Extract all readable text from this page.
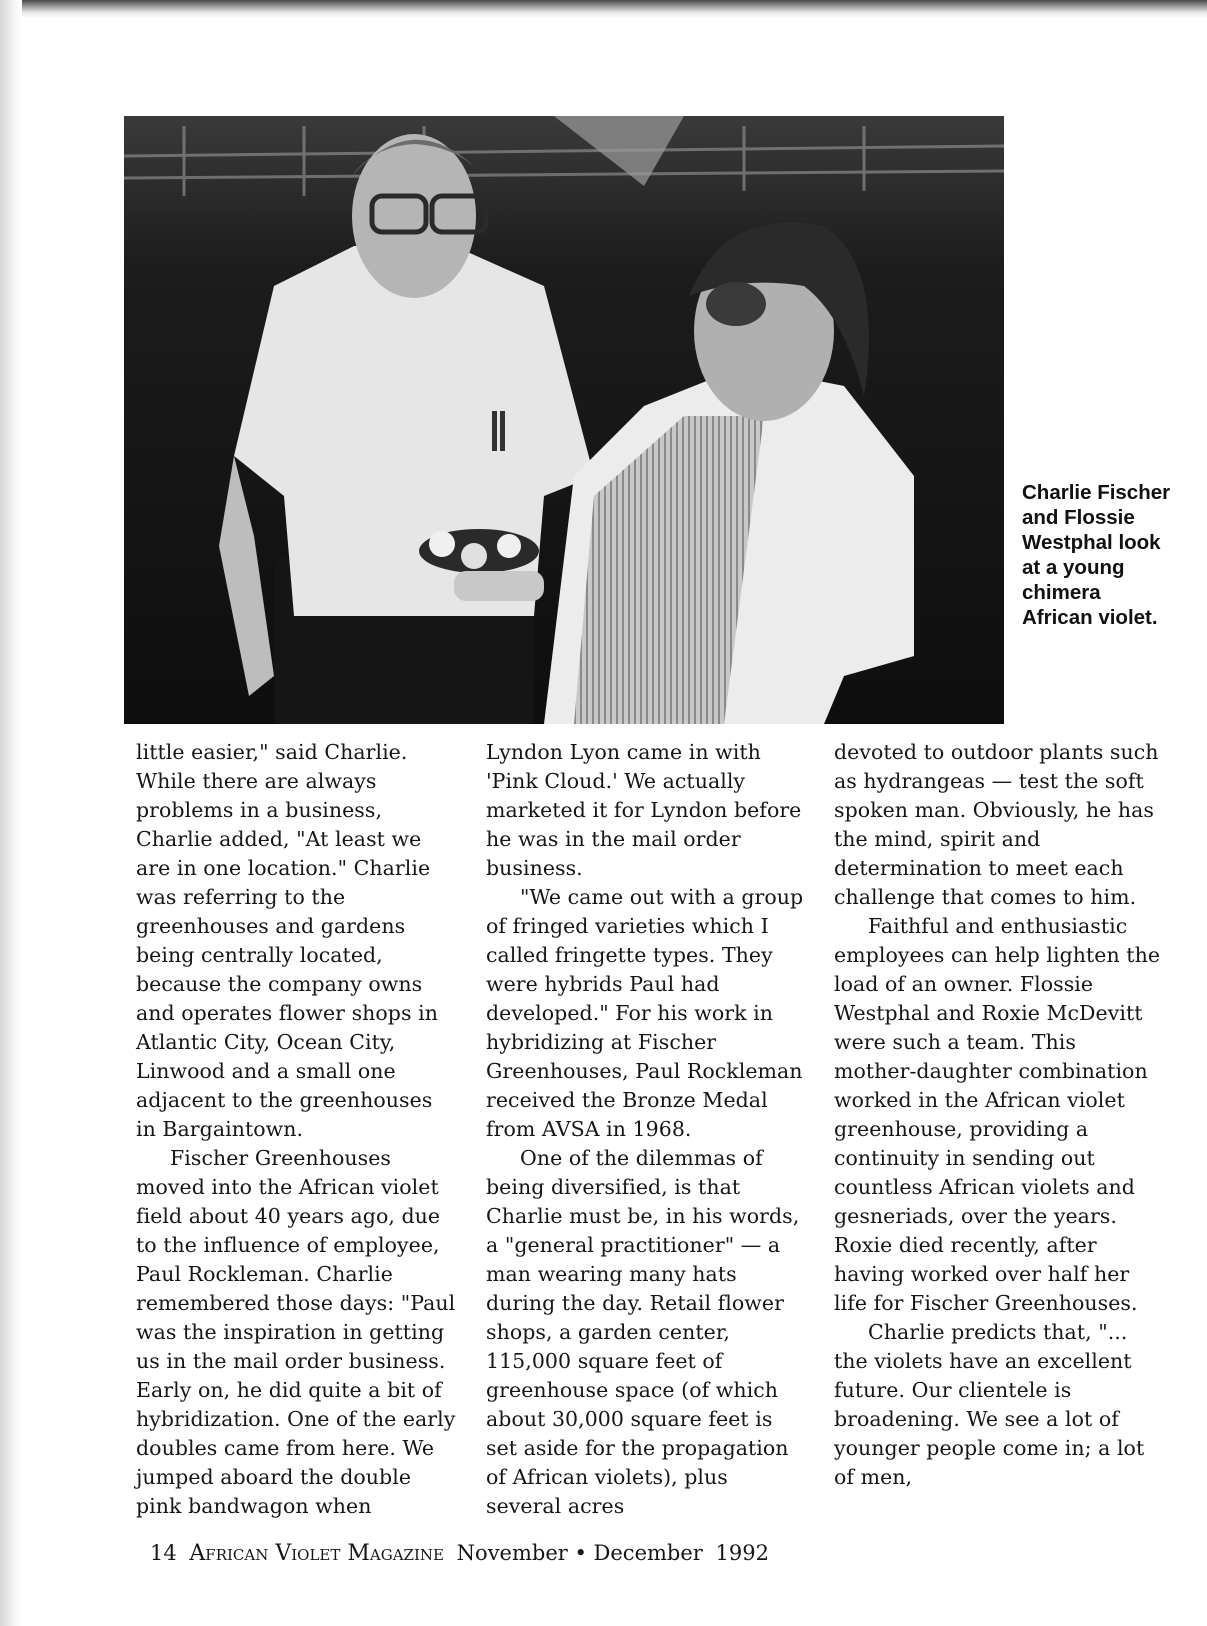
Charlie Fischer and Flossie Westphal look at a young chimera African violet.

little easier," said Charlie. While there are always problems in a business, Charlie added, "At least we are in one location." Charlie was referring to the greenhouses and gardens being centrally located, because the company owns and operates flower shops in Atlantic City, Ocean City, Linwood and a small one adjacent to the greenhouses in Bargaintown.

Fischer Greenhouses moved into the African violet field about 40 years ago, due to the influence of employee, Paul Rockleman. Charlie remembered those days: "Paul was the inspiration in getting us in the mail order business. Early on, he did quite a bit of hybridization. One of the early doubles came from here. We jumped aboard the double pink bandwagon when

Lyndon Lyon came in with 'Pink Cloud.' We actually marketed it for Lyndon before he was in the mail order business.

"We came out with a group of fringed varieties which I called fringette types. They were hybrids Paul had developed." For his work in hybridizing at Fischer Greenhouses, Paul Rockleman received the Bronze Medal from AVSA in 1968.

One of the dilemmas of being diversified, is that Charlie must be, in his words, a "general practitioner" — a man wearing many hats during the day. Retail flower shops, a garden center, 115,000 square feet of greenhouse space (of which about 30,000 square feet is set aside for the propagation of African violets), plus several acres

devoted to outdoor plants such as hydrangeas — test the soft spoken man. Obviously, he has the mind, spirit and determination to meet each challenge that comes to him.

Faithful and enthusiastic employees can help lighten the load of an owner. Flossie Westphal and Roxie McDevitt were such a team. This mother-daughter combination worked in the African violet greenhouse, providing a continuity in sending out countless African violets and gesneriads, over the years. Roxie died recently, after having worked over half her life for Fischer Greenhouses.

Charlie predicts that, "... the violets have an excellent future. Our clientele is broadening. We see a lot of younger people come in; a lot of men,

14 African Violet Magazine November • December 1992
